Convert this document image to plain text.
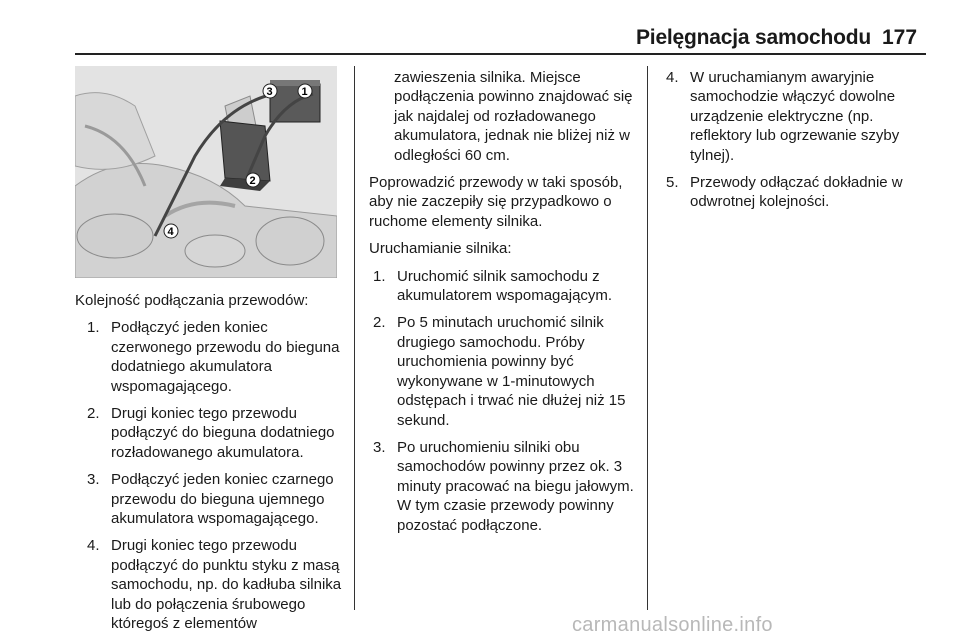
Pielęgnacja samochodu 177
1
2
3
4

Kolejność podłączania przewodów:

1. Podłączyć jeden koniec czerwonego przewodu do bieguna dodatniego akumulatora wspomagającego.
2. Drugi koniec tego przewodu podłączyć do bieguna dodatniego rozładowanego akumulatora.
3. Podłączyć jeden koniec czarnego przewodu do bieguna ujemnego akumulatora wspomagającego.
4. Drugi koniec tego przewodu podłączyć do punktu styku z masą samochodu, np. do kadłuba silnika lub do połączenia śrubowego któregoś z elementów

zawieszenia silnika. Miejsce podłączenia powinno znajdować się jak najdalej od rozładowanego akumulatora, jednak nie bliżej niż w odległości 60 cm.

Poprowadzić przewody w taki sposób, aby nie zaczepiły się przypadkowo o ruchome elementy silnika.

Uruchamianie silnika:

1. Uruchomić silnik samochodu z akumulatorem wspomagającym.
2. Po 5 minutach uruchomić silnik drugiego samochodu. Próby uruchomienia powinny być wykonywane w 1-minutowych odstępach i trwać nie dłużej niż 15 sekund.
3. Po uruchomieniu silniki obu samochodów powinny przez ok. 3 minuty pracować na biegu jałowym. W tym czasie przewody powinny pozostać podłączone.
4. W uruchamianym awaryjnie samochodzie włączyć dowolne urządzenie elektryczne (np. reflektory lub ogrzewanie szyby tylnej).
5. Przewody odłączać dokładnie w odwrotnej kolejności.
carmanualsonline.info
